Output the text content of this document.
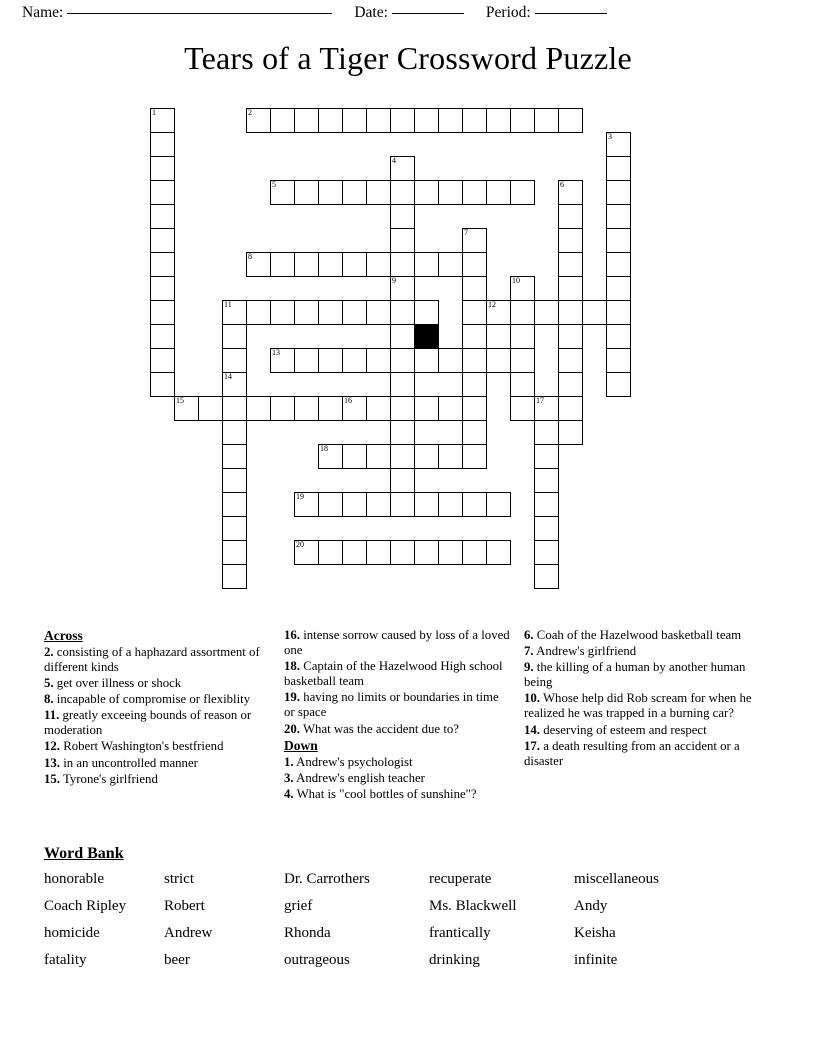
Name:	Date:	Period:
Tears of a Tiger Crossword Puzzle
1	2
3
4
5	6
7
8
9	10
11	12
13
14
15	16	17
18
19
20
Across
2. consisting of a haphazard assortment of different kinds
5. get over illness or shock
8. incapable of compromise or flexiblity
11. greatly exceeing bounds of reason or moderation
12. Robert Washington's bestfriend
13. in an uncontrolled manner
15. Tyrone's girlfriend
16. intense sorrow caused by loss of a loved one
18. Captain of the Hazelwood High school basketball team
19. having no limits or boundaries in time or space
20. What was the accident due to?
Down
1. Andrew's psychologist
3. Andrew's english teacher
4. What is "cool bottles of sunshine"?
6. Coah of the Hazelwood basketball team
7. Andrew's girlfriend
9. the killing of a human by another human being
10. Whose help did Rob scream for when he realized he was trapped in a burning car?
14. deserving of esteem and respect
17. a death resulting from an accident or a disaster
Word Bank
honorable	strict	Dr. Carrothers	recuperate	miscellaneous
Coach Ripley	Robert	grief	Ms. Blackwell	Andy
homicide	Andrew	Rhonda	frantically	Keisha
fatality	beer	outrageous	drinking	infinite
